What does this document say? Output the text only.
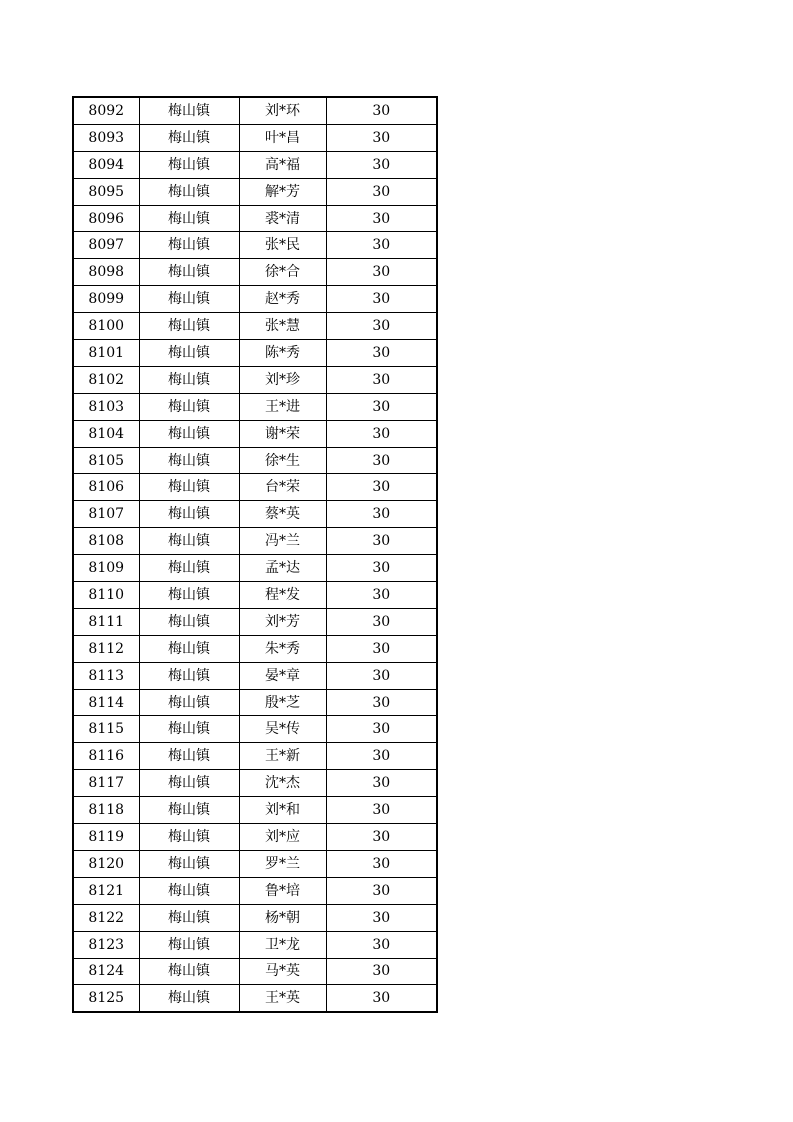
8092	梅山镇	刘*环	30
8093	梅山镇	叶*昌	30
8094	梅山镇	高*福	30
8095	梅山镇	解*芳	30
8096	梅山镇	裘*清	30
8097	梅山镇	张*民	30
8098	梅山镇	徐*合	30
8099	梅山镇	赵*秀	30
8100	梅山镇	张*慧	30
8101	梅山镇	陈*秀	30
8102	梅山镇	刘*珍	30
8103	梅山镇	王*进	30
8104	梅山镇	谢*荣	30
8105	梅山镇	徐*生	30
8106	梅山镇	台*荣	30
8107	梅山镇	蔡*英	30
8108	梅山镇	冯*兰	30
8109	梅山镇	孟*达	30
8110	梅山镇	程*发	30
8111	梅山镇	刘*芳	30
8112	梅山镇	朱*秀	30
8113	梅山镇	晏*章	30
8114	梅山镇	殷*芝	30
8115	梅山镇	吴*传	30
8116	梅山镇	王*新	30
8117	梅山镇	沈*杰	30
8118	梅山镇	刘*和	30
8119	梅山镇	刘*应	30
8120	梅山镇	罗*兰	30
8121	梅山镇	鲁*培	30
8122	梅山镇	杨*朝	30
8123	梅山镇	卫*龙	30
8124	梅山镇	马*英	30
8125	梅山镇	王*英	30
